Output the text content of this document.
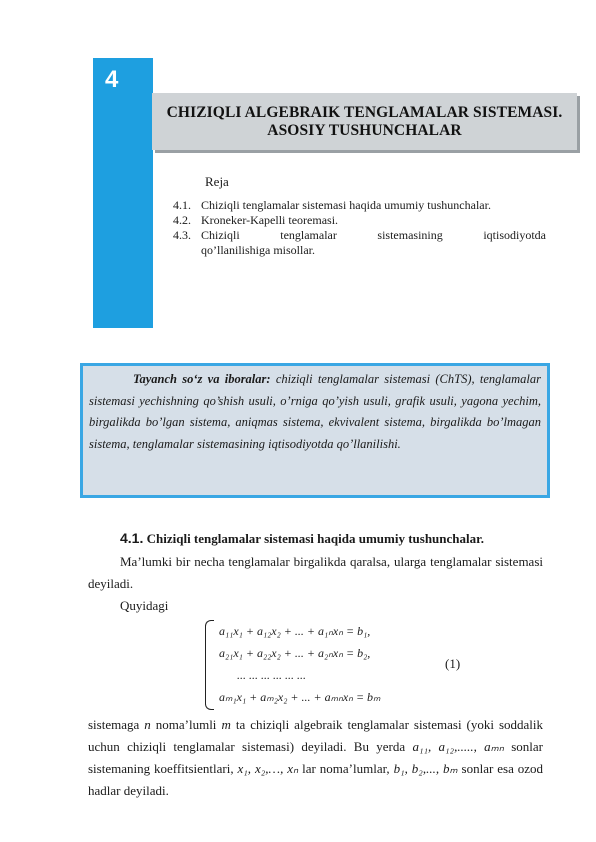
4
CHIZIQLI ALGEBRAIK TENGLAMALAR SISTEMASI.
ASOSIY TUSHUNCHALAR
Reja
4.1. Chiziqli tenglamalar sistemasi haqida umumiy tushunchalar.
4.2. Kroneker-Kapelli teoremasi.
4.3. Chiziqli tenglamalar sistemasining iqtisodiyotda
qo’llanilishiga misollar.
Tayanch so‘z va iboralar: chiziqli tenglamalar sistemasi (ChTS), tenglamalar sistemasi yechishning qo’shish usuli, o’rniga qo’yish usuli, grafik usuli, yagona yechim, birgalikda bo’lgan sistema, aniqmas sistema, ekvivalent sistema, birgalikda bo’lmagan sistema, tenglamalar sistemasining iqtisodiyotda qo’llanilishi.
4.1. Chiziqli tenglamalar sistemasi haqida umumiy tushunchalar.
Ma’lumki bir necha tenglamalar birgalikda qaralsa, ularga tenglamalar sistemasi deyiladi.
Quyidagi
a₁₁x₁ + a₁₂x₂ + ... + a₁ₙxₙ = b₁,
a₂₁x₁ + a₂₂x₂ + ... + a₂ₙxₙ = b₂,
... ... ... ... ... ...
aₘ₁x₁ + aₘ₂x₂ + ... + aₘₙxₙ = bₘ
(1)
sistemaga n noma’lumli m ta chiziqli algebraik tenglamalar sistemasi (yoki soddalik uchun chiziqli tenglamalar sistemasi) deyiladi. Bu yerda a₁₁, a₁₂,....., aₘₙ sonlar sistemaning koeffitsientlari, x₁, x₂,…, xₙ lar noma’lumlar, b₁, b₂,..., bₘ sonlar esa ozod hadlar deyiladi.
